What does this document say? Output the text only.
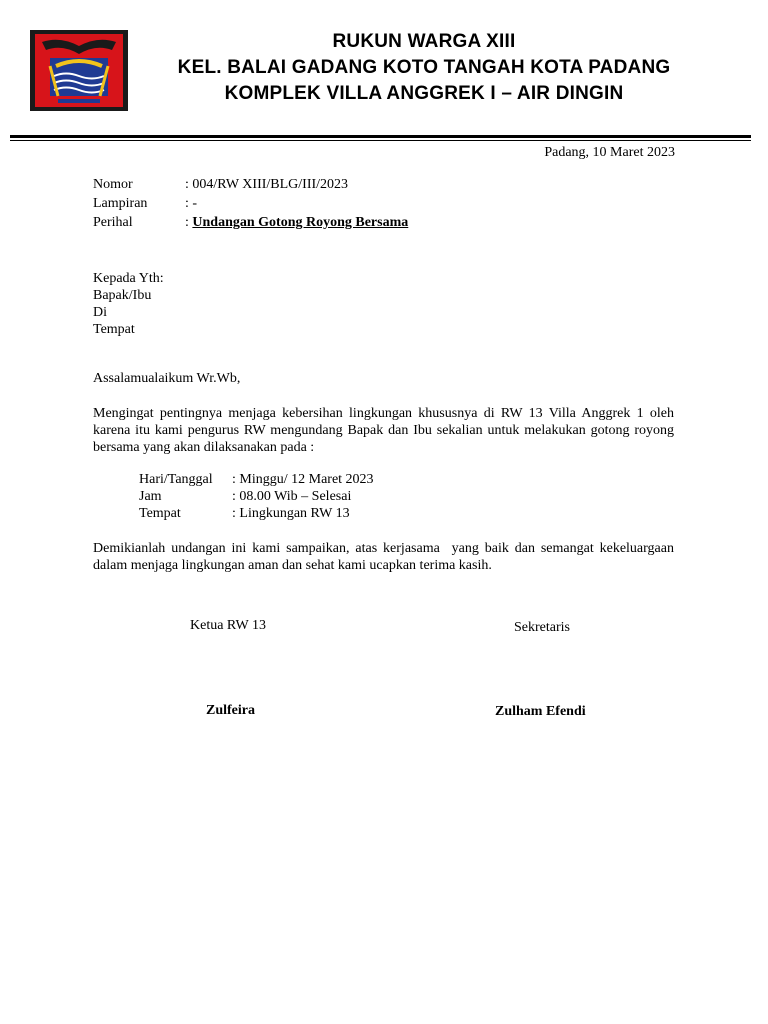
RUKUN WARGA XIII
KEL. BALAI GADANG KOTO TANGAH KOTA PADANG
KOMPLEK VILLA ANGGREK I – AIR DINGIN
Padang, 10 Maret 2023
Nomor	: 004/RW XIII/BLG/III/2023
Lampiran	: -
Perihal	: Undangan Gotong Royong Bersama
Kepada Yth:
Bapak/Ibu
Di
Tempat
Assalamualaikum Wr.Wb,
Mengingat pentingnya menjaga kebersihan lingkungan khususnya di RW 13 Villa Anggrek 1 oleh karena itu kami pengurus RW mengundang Bapak dan Ibu sekalian untuk melakukan gotong royong bersama yang akan dilaksanakan pada :
Hari/Tanggal : Minggu/ 12 Maret 2023
Jam	: 08.00 Wib – Selesai
Tempat	: Lingkungan RW 13
Demikianlah undangan ini kami sampaikan, atas kerjasama  yang baik dan semangat kekeluargaan dalam menjaga lingkungan aman dan sehat kami ucapkan terima kasih.
Ketua RW 13	Sekretaris
Zulfeira	Zulham Efendi
